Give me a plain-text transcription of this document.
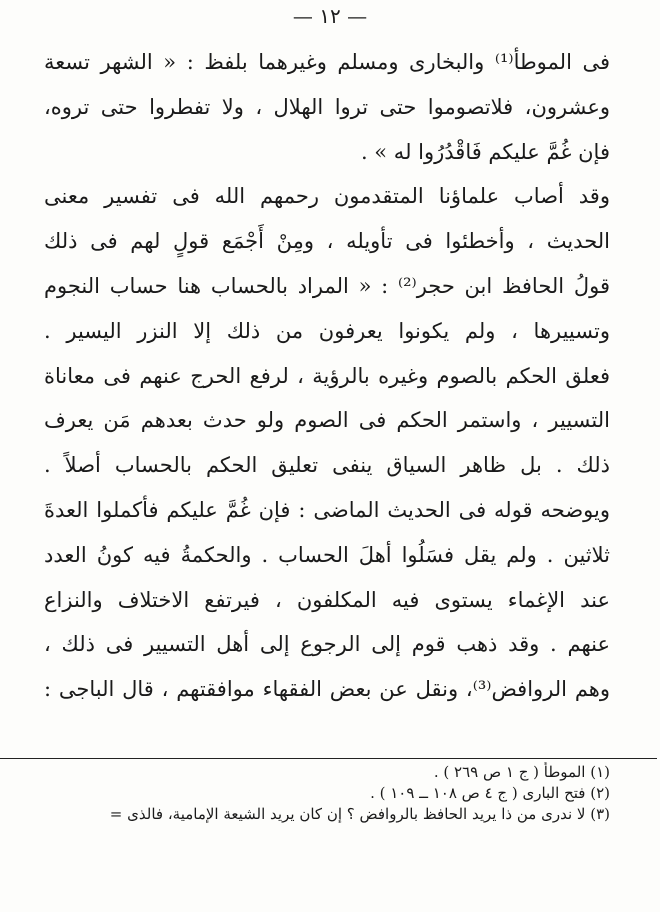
— ١٢ —
فى الموطأ⁽¹⁾ والبخارى ومسلم وغيرهما بلفظ : « الشهر تسعة
وعشرون، فلاتصوموا حتى تروا الهلال ، ولا تفطروا حتى تروه،
فإن غُمَّ عليكم فَاقْدُرُوا له » .
وقد أصاب علماؤنا المتقدمون رحمهم الله فى تفسير معنى
الحديث ، وأخطئوا فى تأويله ، ومِنْ أَجْمَع قولٍ لهم فى ذلك
قولُ الحافظ ابن حجر⁽²⁾ : « المراد بالحساب هنا حساب النجوم
وتسييرها ، ولم يكونوا يعرفون من ذلك إلا النزر اليسير .
فعلق الحكم بالصوم وغيره بالرؤية ، لرفع الحرج عنهم فى معاناة
التسيير ، واستمر الحكم فى الصوم ولو حدث بعدهم مَن يعرف
ذلك . بل ظاهر السياق ينفى تعليق الحكم بالحساب أصلاً .
ويوضحه قوله فى الحديث الماضى : فإن غُمَّ عليكم فأكملوا العدةَ
ثلاثين . ولم يقل فسَلُوا أهلَ الحساب . والحكمةُ فيه كونُ العدد
عند الإغماء يستوى فيه المكلفون ، فيرتفع الاختلاف والنزاع
عنهم . وقد ذهب قوم إلى الرجوع إلى أهل التسيير فى ذلك ،
وهم الروافض⁽³⁾، ونقل عن بعض الفقهاء موافقتهم ، قال الباجى :
(١) الموطأ ( ج ١ ص ٢٦٩ ) .
(٢) فتح البارى ( ج ٤ ص ١٠٨ ــ ١٠٩ ) .
(٣) لا ندرى من ذا يريد الحافظ بالروافض ؟ إن كان يريد الشيعة الإمامية، فالذى =
